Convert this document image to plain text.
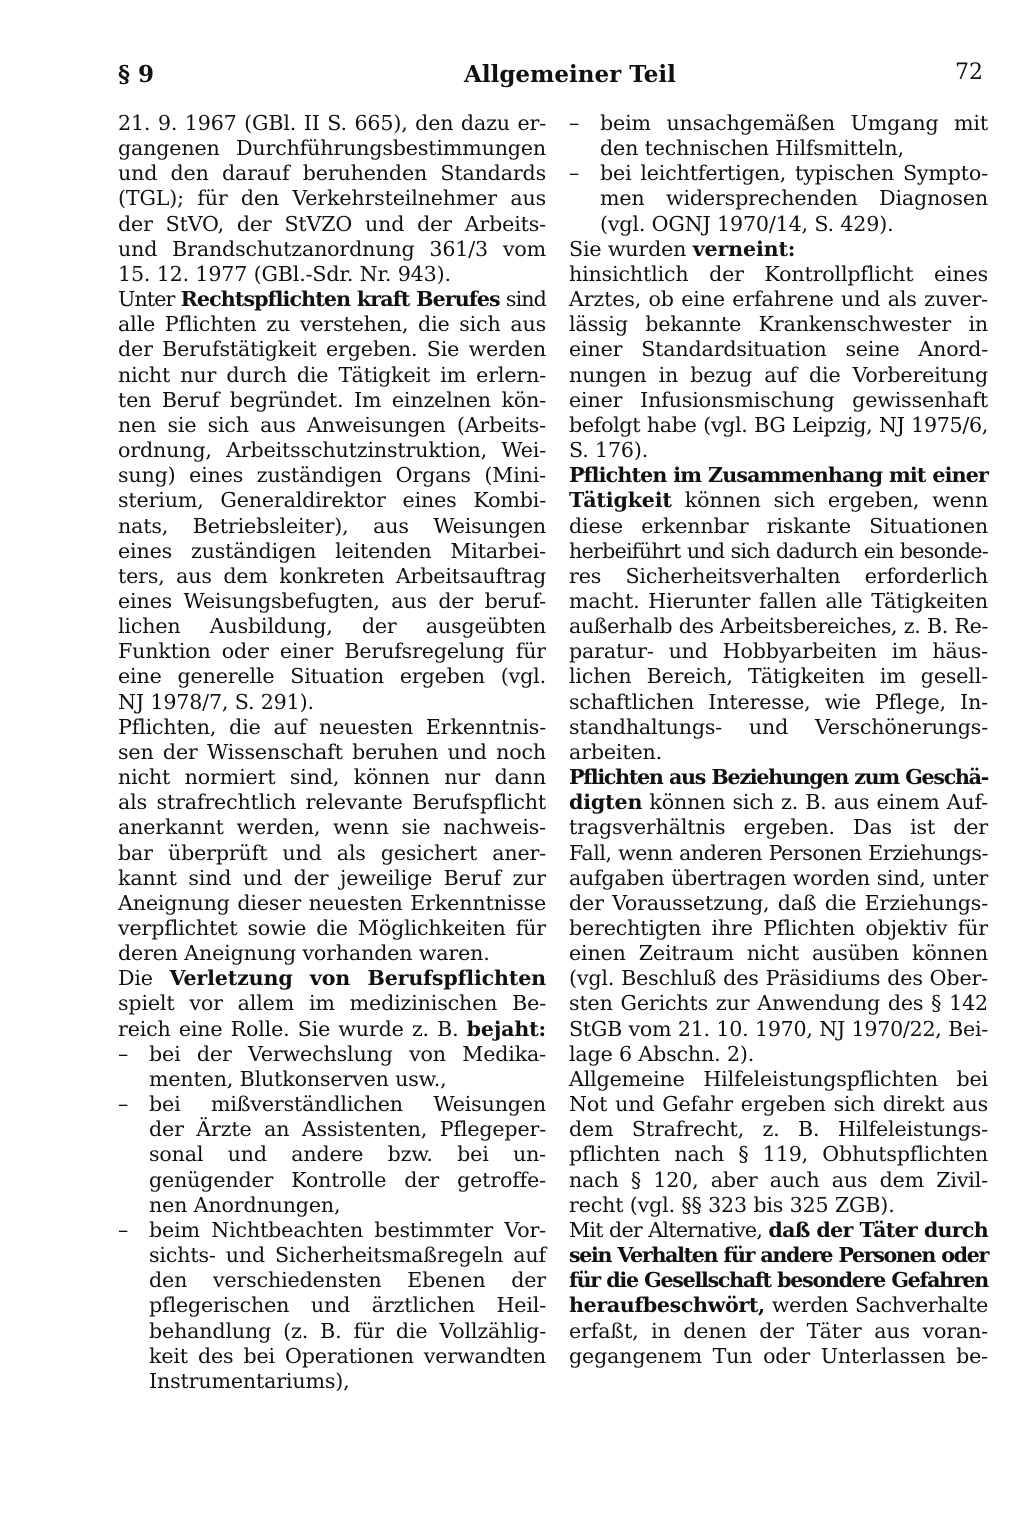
§ 9	Allgemeiner Teil	72
21. 9. 1967 (GBl. II S. 665), den dazu er-
gangenen Durchführungsbestimmungen
und den darauf beruhenden Standards
(TGL); für den Verkehrsteilnehmer aus
der StVO, der StVZO und der Arbeits-
und Brandschutzanordnung 361/3 vom
15. 12. 1977 (GBl.-Sdr. Nr. 943).
Unter Rechtspflichten kraft Berufes sind
alle Pflichten zu verstehen, die sich aus
der Berufstätigkeit ergeben. Sie werden
nicht nur durch die Tätigkeit im erlern-
ten Beruf begründet. Im einzelnen kön-
nen sie sich aus Anweisungen (Arbeits-
ordnung, Arbeitsschutzinstruktion, Wei-
sung) eines zuständigen Organs (Mini-
sterium, Generaldirektor eines Kombi-
nats, Betriebsleiter), aus Weisungen
eines zuständigen leitenden Mitarbei-
ters, aus dem konkreten Arbeitsauftrag
eines Weisungsbefugten, aus der beruf-
lichen Ausbildung, der ausgeübten
Funktion oder einer Berufsregelung für
eine generelle Situation ergeben (vgl.
NJ 1978/7, S. 291).
Pflichten, die auf neuesten Erkenntnis-
sen der Wissenschaft beruhen und noch
nicht normiert sind, können nur dann
als strafrechtlich relevante Berufspflicht
anerkannt werden, wenn sie nachweis-
bar überprüft und als gesichert aner-
kannt sind und der jeweilige Beruf zur
Aneignung dieser neuesten Erkenntnisse
verpflichtet sowie die Möglichkeiten für
deren Aneignung vorhanden waren.
Die Verletzung von Berufspflichten
spielt vor allem im medizinischen Be-
reich eine Rolle. Sie wurde z. B. bejaht:
–	bei der Verwechslung von Medika-
menten, Blutkonserven usw.,
–	bei mißverständlichen Weisungen
der Ärzte an Assistenten, Pflegeper-
sonal und andere bzw. bei un-
genügender Kontrolle der getroffe-
nen Anordnungen,
–	beim Nichtbeachten bestimmter Vor-
sichts- und Sicherheitsmaßregeln auf
den verschiedensten Ebenen der
pflegerischen und ärztlichen Heil-
behandlung (z. B. für die Vollzählig-
keit des bei Operationen verwandten
Instrumentariums),
–	beim unsachgemäßen Umgang mit
den technischen Hilfsmitteln,
–	bei leichtfertigen, typischen Sympto-
men widersprechenden Diagnosen
(vgl. OGNJ 1970/14, S. 429).
Sie wurden verneint:
hinsichtlich der Kontrollpflicht eines
Arztes, ob eine erfahrene und als zuver-
lässig bekannte Krankenschwester in
einer Standardsituation seine Anord-
nungen in bezug auf die Vorbereitung
einer Infusionsmischung gewissenhaft
befolgt habe (vgl. BG Leipzig, NJ 1975/6,
S. 176).
Pflichten im Zusammenhang mit einer
Tätigkeit können sich ergeben, wenn
diese erkennbar riskante Situationen
herbeiführt und sich dadurch ein besonde-
res Sicherheitsverhalten erforderlich
macht. Hierunter fallen alle Tätigkeiten
außerhalb des Arbeitsbereiches, z. B. Re-
paratur- und Hobbyarbeiten im häus-
lichen Bereich, Tätigkeiten im gesell-
schaftlichen Interesse, wie Pflege, In-
standhaltungs- und Verschönerungs-
arbeiten.
Pflichten aus Beziehungen zum Geschä-
digten können sich z. B. aus einem Auf-
tragsverhältnis ergeben. Das ist der
Fall, wenn anderen Personen Erziehungs-
aufgaben übertragen worden sind, unter
der Voraussetzung, daß die Erziehungs-
berechtigten ihre Pflichten objektiv für
einen Zeitraum nicht ausüben können
(vgl. Beschluß des Präsidiums des Ober-
sten Gerichts zur Anwendung des § 142
StGB vom 21. 10. 1970, NJ 1970/22, Bei-
lage 6 Abschn. 2).
Allgemeine Hilfeleistungspflichten bei
Not und Gefahr ergeben sich direkt aus
dem Strafrecht, z. B. Hilfeleistungs-
pflichten nach § 119, Obhutspflichten
nach § 120, aber auch aus dem Zivil-
recht (vgl. §§ 323 bis 325 ZGB).
Mit der Alternative, daß der Täter durch
sein Verhalten für andere Personen oder
für die Gesellschaft besondere Gefahren
heraufbeschwört, werden Sachverhalte
erfaßt, in denen der Täter aus voran-
gegangenem Tun oder Unterlassen be-
